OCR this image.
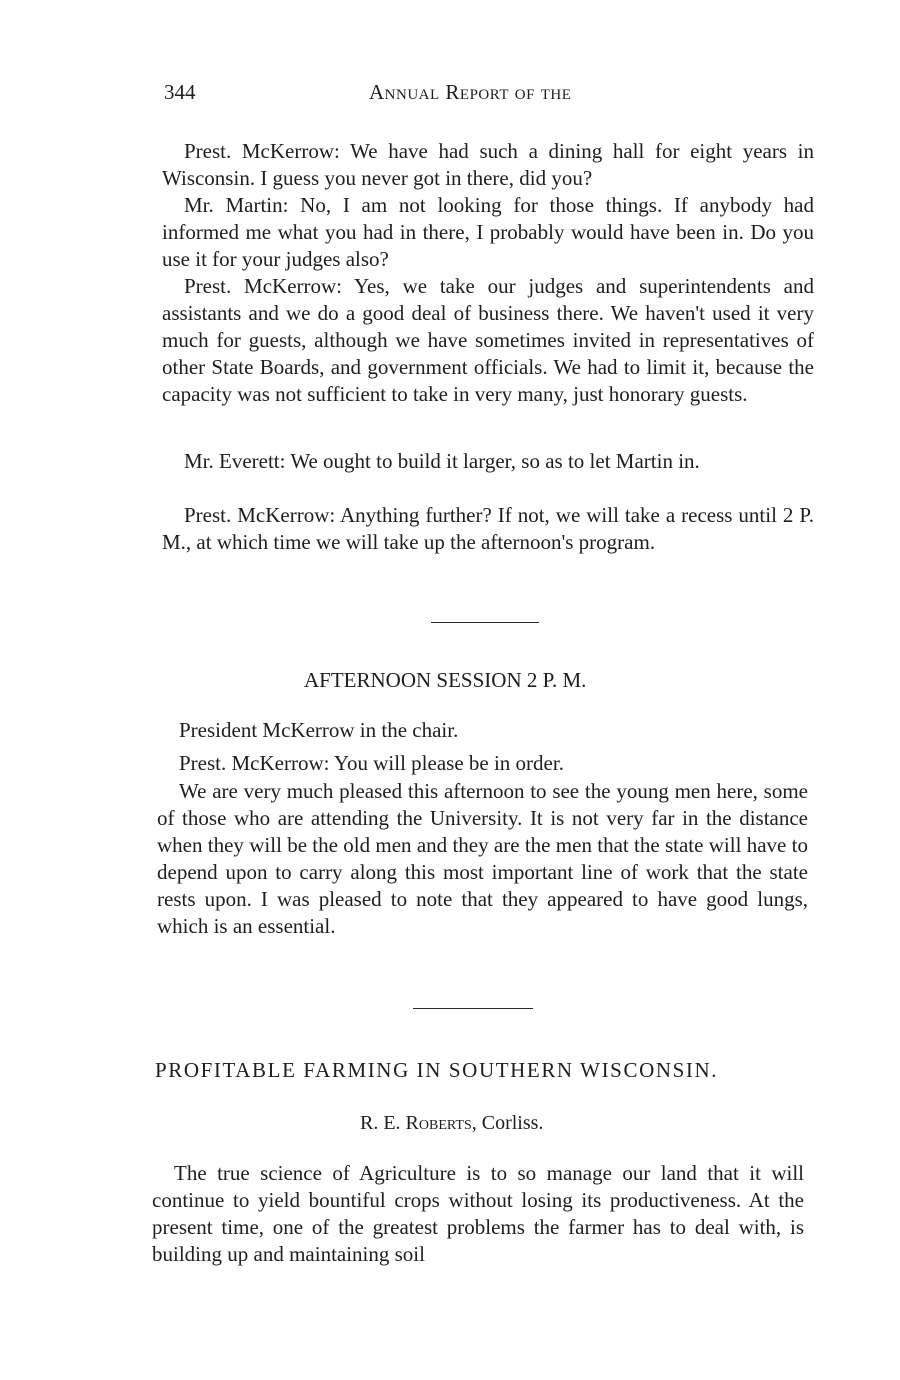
344	Annual Report of the

Prest. McKerrow: We have had such a dining hall for eight years in Wisconsin. I guess you never got in there, did you?

Mr. Martin: No, I am not looking for those things. If anybody had informed me what you had in there, I probably would have been in. Do you use it for your judges also?

Prest. McKerrow: Yes, we take our judges and superintendents and assistants and we do a good deal of business there. We haven't used it very much for guests, although we have sometimes invited in representatives of other State Boards, and government officials. We had to limit it, because the capacity was not sufficient to take in very many, just honorary guests.

Mr. Everett: We ought to build it larger, so as to let Martin in.

Prest. McKerrow: Anything further? If not, we will take a recess until 2 P. M., at which time we will take up the afternoon's program.

AFTERNOON SESSION 2 P. M.

President McKerrow in the chair.

Prest. McKerrow: You will please be in order.

We are very much pleased this afternoon to see the young men here, some of those who are attending the University. It is not very far in the distance when they will be the old men and they are the men that the state will have to depend upon to carry along this most important line of work that the state rests upon. I was pleased to note that they appeared to have good lungs, which is an essential.

PROFITABLE FARMING IN SOUTHERN WISCONSIN.

R. E. Roberts, Corliss.

The true science of Agriculture is to so manage our land that it will continue to yield bountiful crops without losing its productiveness. At the present time, one of the greatest problems the farmer has to deal with, is building up and maintaining soil
